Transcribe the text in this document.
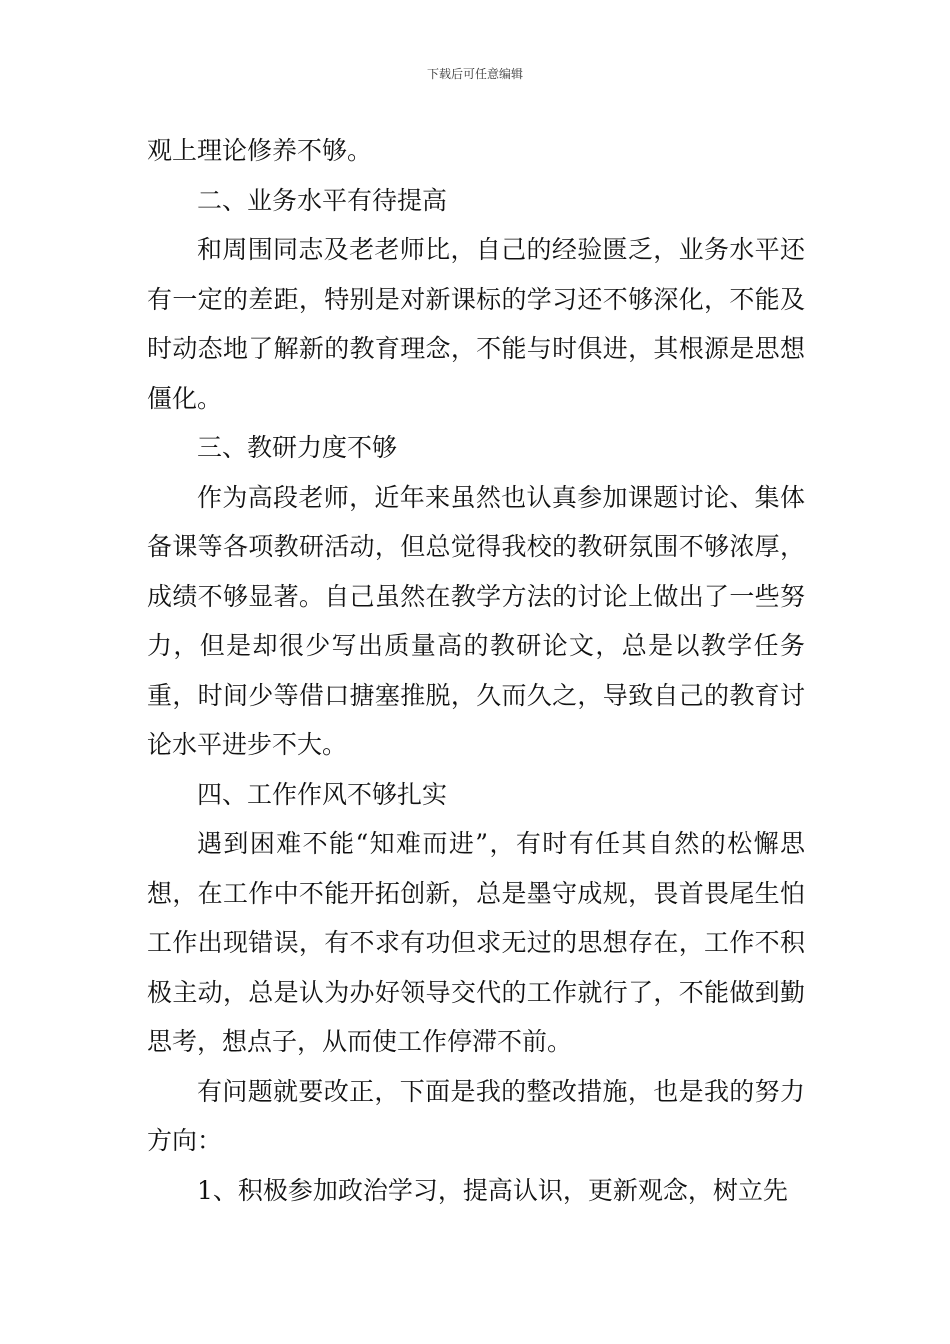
下载后可任意编辑

观上理论修养不够。

二、业务水平有待提高

和周围同志及老老师比，自己的经验匮乏，业务水平还有一定的差距，特别是对新课标的学习还不够深化，不能及时动态地了解新的教育理念，不能与时俱进，其根源是思想僵化。

三、教研力度不够

作为高段老师，近年来虽然也认真参加课题讨论、集体备课等各项教研活动，但总觉得我校的教研氛围不够浓厚，成绩不够显著。自己虽然在教学方法的讨论上做出了一些努力，但是却很少写出质量高的教研论文，总是以教学任务重，时间少等借口搪塞推脱，久而久之，导致自己的教育讨论水平进步不大。

四、工作作风不够扎实

遇到困难不能“知难而进”，有时有任其自然的松懈思想，在工作中不能开拓创新，总是墨守成规，畏首畏尾生怕工作出现错误，有不求有功但求无过的思想存在，工作不积极主动，总是认为办好领导交代的工作就行了，不能做到勤思考，想点子，从而使工作停滞不前。

有问题就要改正，下面是我的整改措施，也是我的努力方向：

1、积极参加政治学习，提高认识，更新观念，树立先
